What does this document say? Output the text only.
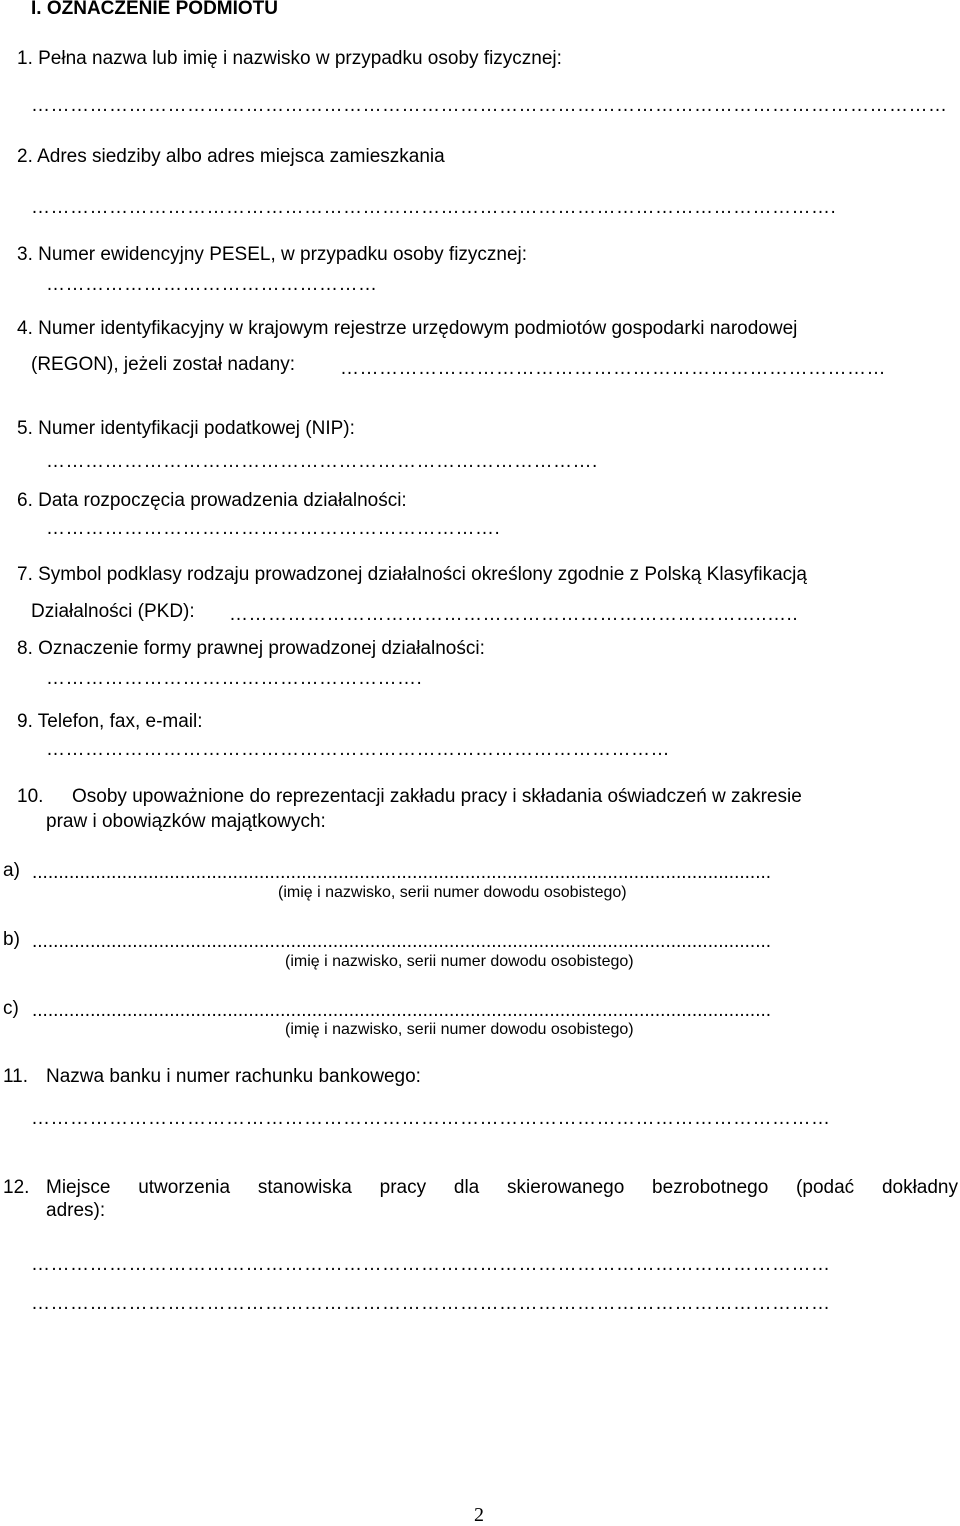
I. OZNACZENIE PODMIOTU
1. Pełna nazwa lub imię i nazwisko w przypadku osoby fizycznej:
……………………………………………………………………………………………………………………………
2. Adres siedziby albo adres miejsca zamieszkania
…………………………………………………………………………………………………………….
3. Numer ewidencyjny PESEL, w przypadku osoby fizycznej:
……………………………………………
4. Numer identyfikacyjny w krajowym rejestrze urzędowym podmiotów gospodarki narodowej
(REGON), jeżeli został nadany: …………………………………………………………………………
5. Numer identyfikacji podatkowej (NIP):
………………………………………………………………………….
6. Data rozpoczęcia prowadzenia działalności:
…………………………………………………………….
7. Symbol podklasy rodzaju prowadzonej działalności określony zgodnie z Polską Klasyfikacją
Działalności (PKD): ………………………………………………………………………..…..
8. Oznaczenie formy prawnej prowadzonej działalności:
………………………………………………….
9. Telefon, fax, e-mail:
……………………………………………………………………………………
10. Osoby upoważnione do reprezentacji zakładu pracy i składania oświadczeń w zakresie
praw i obowiązków majątkowych:
a) ............................................................................................................................................
(imię i nazwisko, serii numer dowodu osobistego)
b) ............................................................................................................................................
(imię i nazwisko, serii numer dowodu osobistego)
c) ............................................................................................................................................
(imię i nazwisko, serii numer dowodu osobistego)
11. Nazwa banku i numer rachunku bankowego:
……………………………………………………………………………………………………………
12. Miejsce utworzenia stanowiska pracy dla skierowanego bezrobotnego (podać dokładny
adres):
……………………………………………………………………………………………………………
……………………………………………………………………………………………………………
2
